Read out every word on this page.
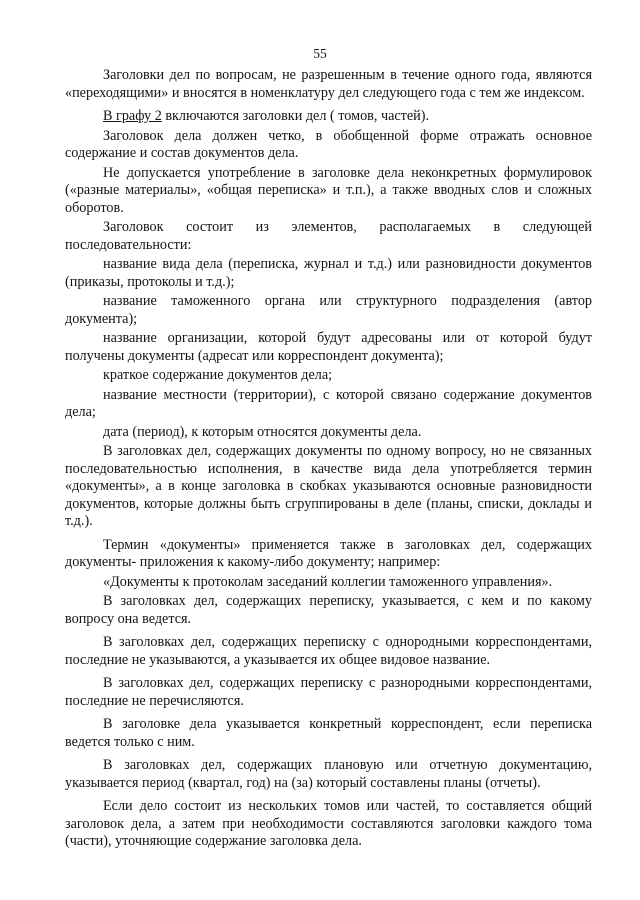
55

Заголовки дел по вопросам, не разрешенным в течение одного года, являются «переходящими» и вносятся в номенклатуру дел следующего года с тем же индексом.

В графу 2 включаются заголовки дел ( томов, частей).

Заголовок дела должен четко, в обобщенной форме отражать основное содержание и состав документов дела.

Не допускается употребление в заголовке дела неконкретных формулировок («разные материалы», «общая переписка» и т.п.), а также вводных слов и сложных оборотов.

Заголовок состоит из элементов, располагаемых в следующей последовательности:

название вида дела (переписка, журнал и т.д.) или разновидности документов (приказы, протоколы и т.д.);

название таможенного органа или структурного подразделения (автор документа);

название организации, которой будут адресованы или от которой будут получены документы (адресат или корреспондент документа);

краткое содержание документов дела;

название местности (территории), с которой связано содержание документов дела;

дата (период), к которым относятся документы дела.

В заголовках дел, содержащих документы по одному вопросу, но не связанных последовательностью исполнения, в качестве вида дела употребляется термин «документы», а в конце заголовка в скобках указываются основные разновидности документов, которые должны быть сгруппированы в деле (планы, списки, доклады и т.д.).

Термин «документы» применяется также в заголовках дел, содержащих документы- приложения к какому-либо документу; например:

«Документы к протоколам заседаний коллегии таможенного управления».

В заголовках дел, содержащих переписку, указывается, с кем и по какому вопросу она ведется.

В заголовках дел, содержащих переписку с однородными корреспондентами, последние не указываются, а указывается их общее видовое название.

В заголовках дел, содержащих переписку с разнородными корреспондентами, последние не перечисляются.

В заголовке дела указывается конкретный корреспондент, если переписка ведется только с ним.

В заголовках дел, содержащих плановую или отчетную документацию, указывается период (квартал, год) на (за) который составлены планы (отчеты).

Если дело состоит из нескольких томов или частей, то составляется общий заголовок дела, а затем при необходимости составляются заголовки каждого тома (части), уточняющие содержание заголовка дела.
